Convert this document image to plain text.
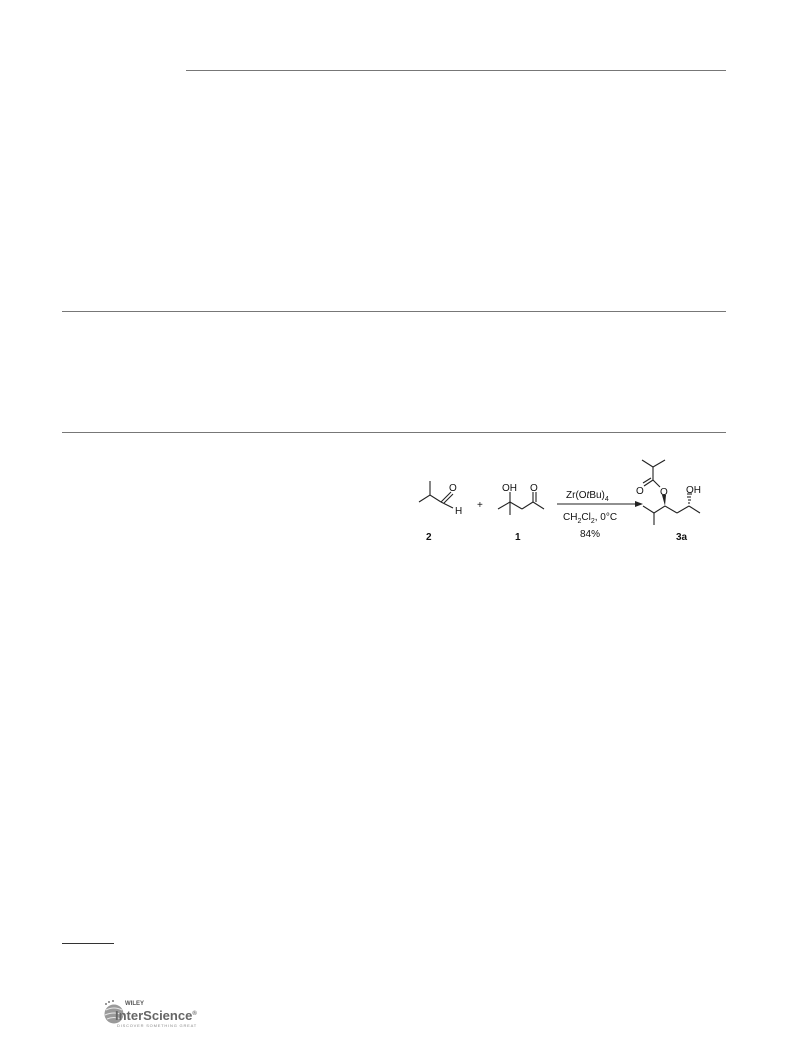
O
H
2
+
OH O
1
$Zr(OtBu)_4$
$CH_2Cl_2$, 0°C
84%
O O OH
3a
WILEY
InterScience®
DISCOVER SOMETHING GREAT
